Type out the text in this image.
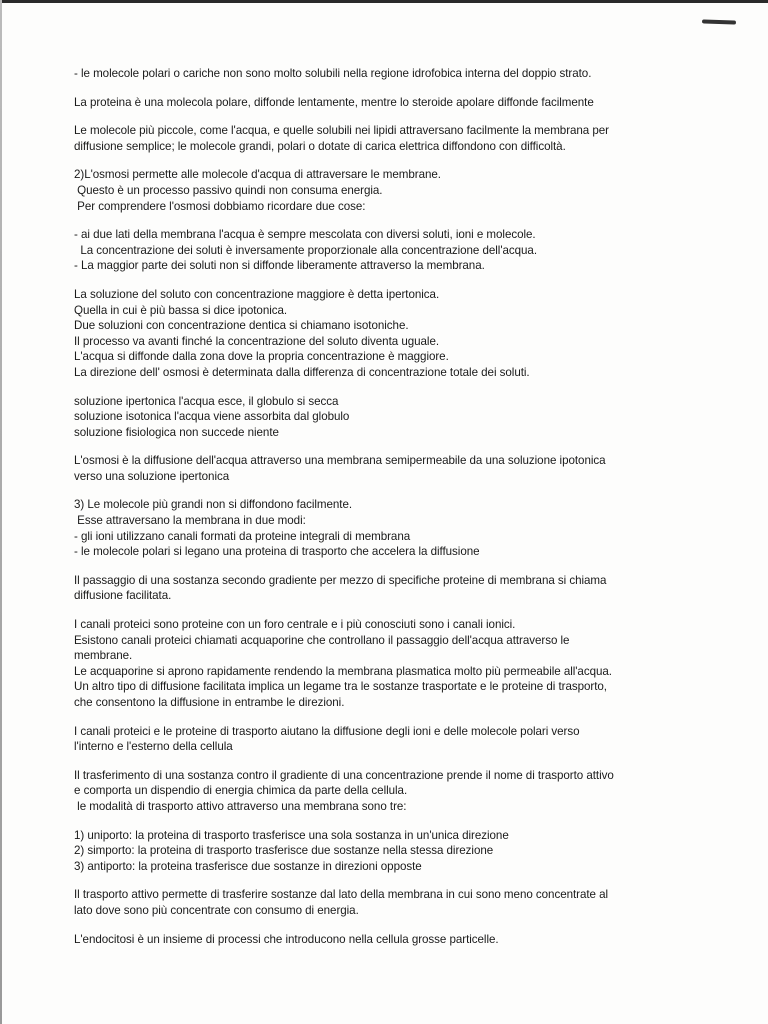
- le molecole polari o cariche non sono molto solubili nella regione idrofobica interna del doppio strato.

La proteina è una molecola polare, diffonde lentamente, mentre lo steroide apolare diffonde facilmente

Le molecole più piccole, come l'acqua, e quelle solubili nei lipidi attraversano facilmente la membrana per

diffusione semplice; le molecole grandi, polari o dotate di carica elettrica diffondono con difficoltà.

2)L'osmosi permette alle molecole d'acqua di attraversare le membrane.

Questo è un processo passivo quindi non consuma energia.

Per comprendere l'osmosi dobbiamo ricordare due cose:

- ai due lati della membrana l'acqua è sempre mescolata con diversi soluti, ioni e molecole.

La concentrazione dei soluti è inversamente proporzionale alla concentrazione dell'acqua.

- La maggior parte dei soluti non si diffonde liberamente attraverso la membrana.

La soluzione del soluto con concentrazione maggiore è detta ipertonica.

Quella in cui è più bassa si dice ipotonica.

Due soluzioni con concentrazione dentica si chiamano isotoniche.

Il processo va avanti finché la concentrazione del soluto diventa uguale.

L'acqua si diffonde dalla zona dove la propria concentrazione è maggiore.

La direzione dell' osmosi è determinata dalla differenza di concentrazione totale dei soluti.

soluzione ipertonica l'acqua esce, il globulo si secca

soluzione isotonica l'acqua viene assorbita dal globulo

soluzione fisiologica non succede niente

L'osmosi è la diffusione dell'acqua attraverso una membrana semipermeabile da una soluzione ipotonica

verso una soluzione ipertonica

3) Le molecole più grandi non si diffondono facilmente.

Esse attraversano la membrana in due modi:

- gli ioni utilizzano canali formati da proteine integrali di membrana

- le molecole polari si legano una proteina di trasporto che accelera la diffusione

Il passaggio di una sostanza secondo gradiente per mezzo di specifiche proteine di membrana si chiama

diffusione facilitata.

I canali proteici sono proteine con un foro centrale e i più conosciuti sono i canali ionici.

Esistono canali proteici chiamati acquaporine che controllano il passaggio dell'acqua attraverso le

membrane.

Le acquaporine si aprono rapidamente rendendo la membrana plasmatica molto più permeabile all'acqua.

Un altro tipo di diffusione facilitata implica un legame tra le sostanze trasportate e le proteine di trasporto,

che consentono la diffusione in entrambe le direzioni.

I canali proteici e le proteine di trasporto aiutano la diffusione degli ioni e delle molecole polari verso

l'interno e l'esterno della cellula

Il trasferimento di una sostanza contro il gradiente di una concentrazione prende il nome di trasporto attivo

e comporta un dispendio di energia chimica da parte della cellula.

le modalità di trasporto attivo attraverso una membrana sono tre:

1) uniporto: la proteina di trasporto trasferisce una sola sostanza in un'unica direzione

2) simporto: la proteina di trasporto trasferisce due sostanze nella stessa direzione

3) antiporto: la proteina trasferisce due sostanze in direzioni opposte

Il trasporto attivo permette di trasferire sostanze dal lato della membrana in cui sono meno concentrate al

lato dove sono più concentrate con consumo di energia.

L'endocitosi è un insieme di processi che introducono nella cellula grosse particelle.
